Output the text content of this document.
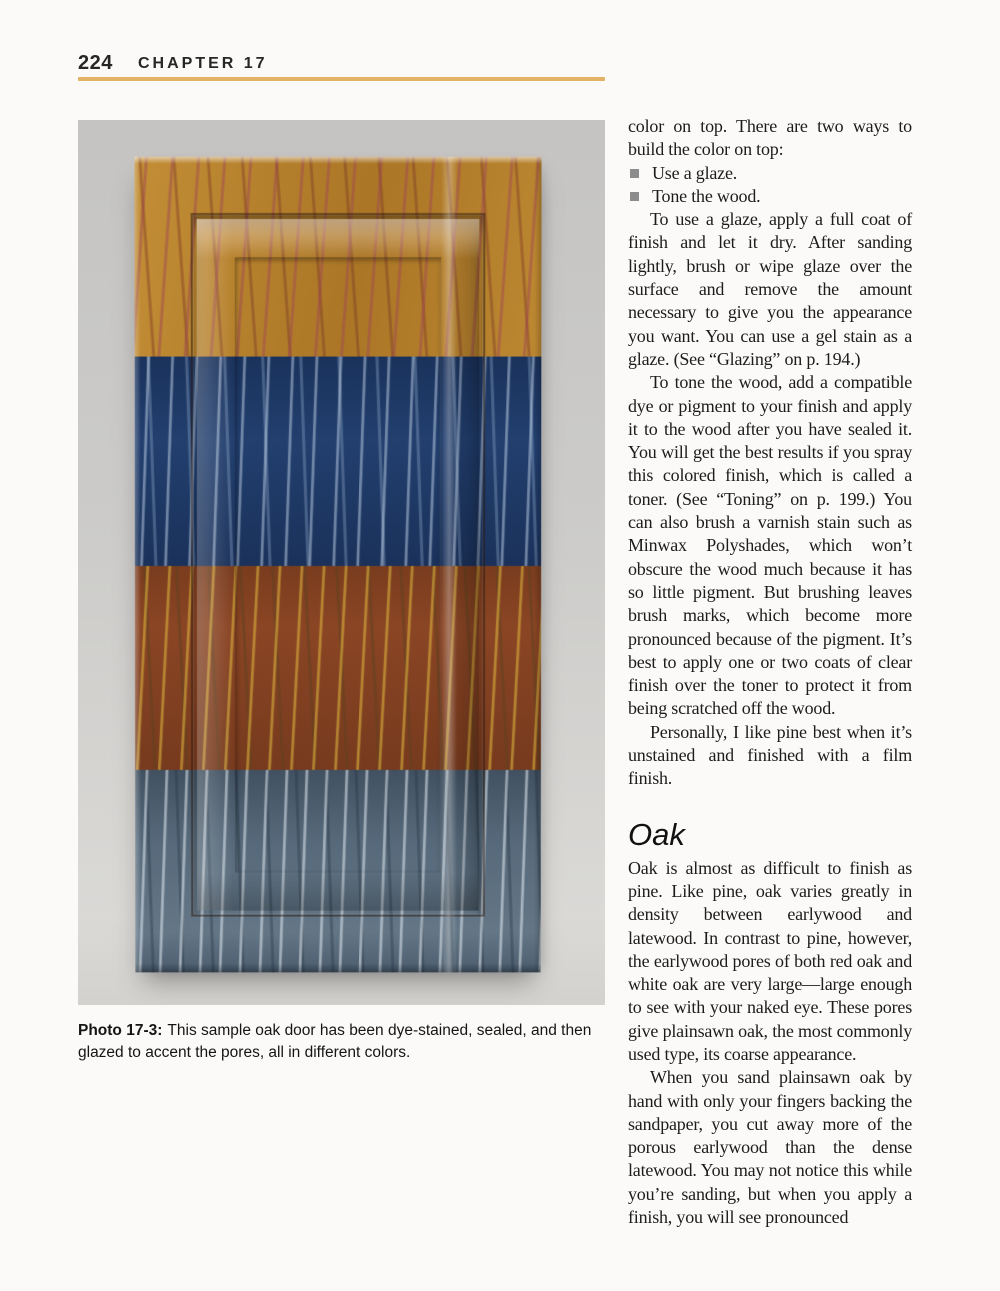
224 CHAPTER 17

Photo 17-3: This sample oak door has been dye-stained, sealed, and then glazed to accent the pores, all in different colors.

color on top. There are two ways to build the color on top:

Use a glaze.
Tone the wood.

To use a glaze, apply a full coat of finish and let it dry. After sanding lightly, brush or wipe glaze over the surface and remove the amount necessary to give you the appearance you want. You can use a gel stain as a glaze. (See “Glazing” on p. 194.)

To tone the wood, add a compatible dye or pigment to your finish and apply it to the wood after you have sealed it. You will get the best results if you spray this colored finish, which is called a toner. (See “Toning” on p. 199.) You can also brush a varnish stain such as Minwax Polyshades, which won’t obscure the wood much because it has so little pigment. But brushing leaves brush marks, which become more pronounced because of the pigment. It’s best to apply one or two coats of clear finish over the toner to protect it from being scratched off the wood.

Personally, I like pine best when it’s unstained and finished with a film finish.

Oak

Oak is almost as difficult to finish as pine. Like pine, oak varies greatly in density between earlywood and latewood. In contrast to pine, however, the earlywood pores of both red oak and white oak are very large—large enough to see with your naked eye. These pores give plainsawn oak, the most commonly used type, its coarse appearance.

When you sand plainsawn oak by hand with only your fingers backing the sandpaper, you cut away more of the porous earlywood than the dense latewood. You may not notice this while you’re sanding, but when you apply a finish, you will see pronounced
